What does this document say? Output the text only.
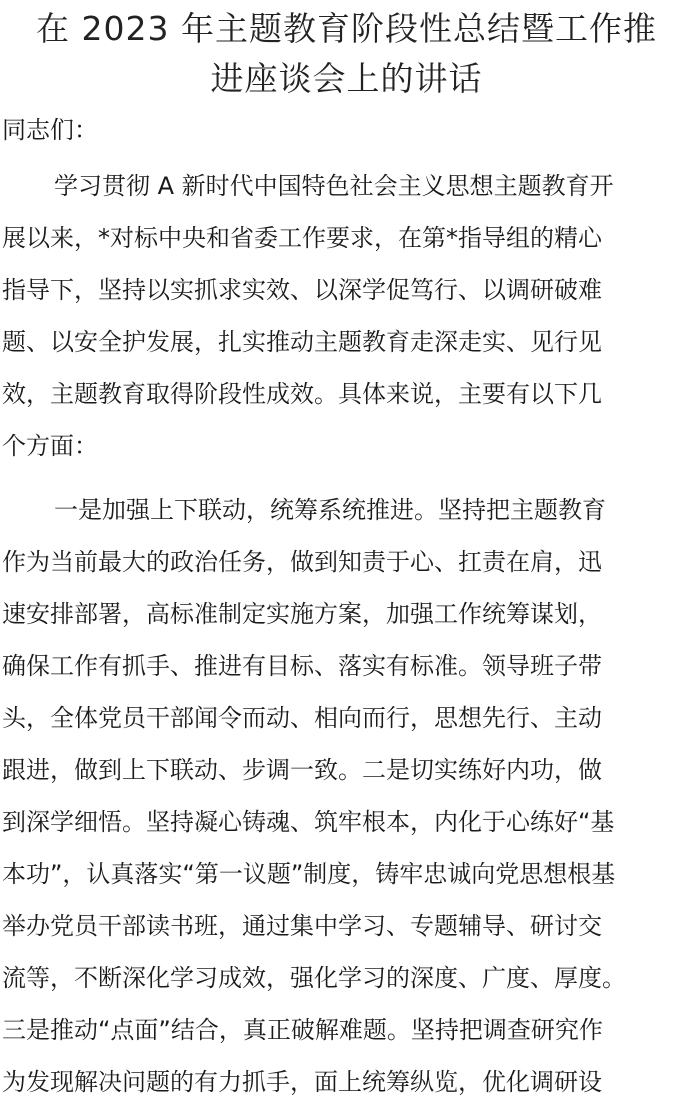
在 2023 年主题教育阶段性总结暨工作推
进座谈会上的讲话
同志们：

学习贯彻 A 新时代中国特色社会主义思想主题教育开
展以来，*对标中央和省委工作要求，在第*指导组的精心
指导下，坚持以实抓求实效、以深学促笃行、以调研破难
题、以安全护发展，扎实推动主题教育走深走实、见行见
效，主题教育取得阶段性成效。具体来说，主要有以下几
个方面：

一是加强上下联动，统筹系统推进。坚持把主题教育
作为当前最大的政治任务，做到知责于心、扛责在肩，迅
速安排部署，高标准制定实施方案，加强工作统筹谋划，
确保工作有抓手、推进有目标、落实有标准。领导班子带
头，全体党员干部闻令而动、相向而行，思想先行、主动
跟进，做到上下联动、步调一致。二是切实练好内功，做
到深学细悟。坚持凝心铸魂、筑牢根本，内化于心练好“基
本功”，认真落实“第一议题”制度，铸牢忠诚向党思想根基
举办党员干部读书班，通过集中学习、专题辅导、研讨交
流等，不断深化学习成效，强化学习的深度、广度、厚度。
三是推动“点面”结合，真正破解难题。坚持把调查研究作
为发现解决问题的有力抓手，面上统筹纵览，优化调研设
